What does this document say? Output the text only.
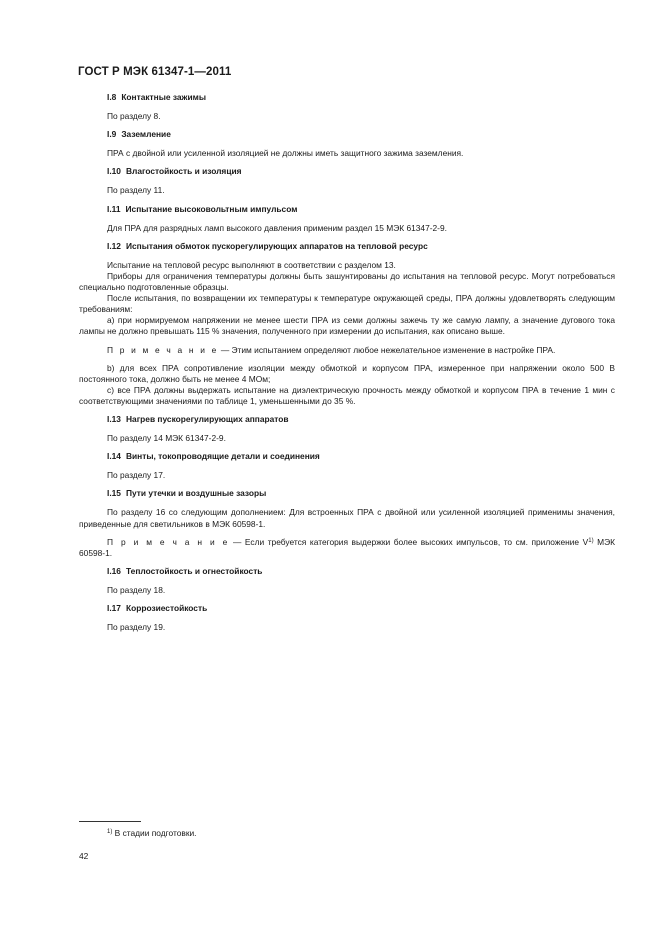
ГОСТ Р МЭК 61347-1—2011
I.8 Контактные зажимы

По разделу 8.

I.9 Заземление

ПРА с двойной или усиленной изоляцией не должны иметь защитного зажима заземления.

I.10 Влагостойкость и изоляция

По разделу 11.

I.11 Испытание высоковольтным импульсом

Для ПРА для разрядных ламп высокого давления применим раздел 15 МЭК 61347-2-9.

I.12 Испытания обмоток пускорегулирующих аппаратов на тепловой ресурс

Испытание на тепловой ресурс выполняют в соответствии с разделом 13.

Приборы для ограничения температуры должны быть зашунтированы до испытания на тепловой ресурс. Могут потребоваться специально подготовленные образцы.

После испытания, по возвращении их температуры к температуре окружающей среды, ПРА должны удовлетворять следующим требованиям:

а) при нормируемом напряжении не менее шести ПРА из семи должны зажечь ту же самую лампу, а значение дугового тока лампы не должно превышать 115 % значения, полученного при измерении до испытания, как описано выше.

П р и м е ч а н и е — Этим испытанием определяют любое нежелательное изменение в настройке ПРА.

b) для всех ПРА сопротивление изоляции между обмоткой и корпусом ПРА, измеренное при напряжении около 500 В постоянного тока, должно быть не менее 4 МОм;

c) все ПРА должны выдержать испытание на диэлектрическую прочность между обмоткой и корпусом ПРА в течение 1 мин с соответствующими значениями по таблице 1, уменьшенными до 35 %.

I.13 Нагрев пускорегулирующих аппаратов

По разделу 14 МЭК 61347-2-9.

I.14 Винты, токопроводящие детали и соединения

По разделу 17.

I.15 Пути утечки и воздушные зазоры

По разделу 16 со следующим дополнением: Для встроенных ПРА с двойной или усиленной изоляцией применимы значения, приведенные для светильников в МЭК 60598-1.

П р и м е ч а н и е — Если требуется категория выдержки более высоких импульсов, то см. приложение $V^{1)}$ МЭК 60598-1.

I.16 Теплостойкость и огнестойкость

По разделу 18.

I.17 Коррозиестойкость

По разделу 19.

$^{1)}$ В стадии подготовки.
42
